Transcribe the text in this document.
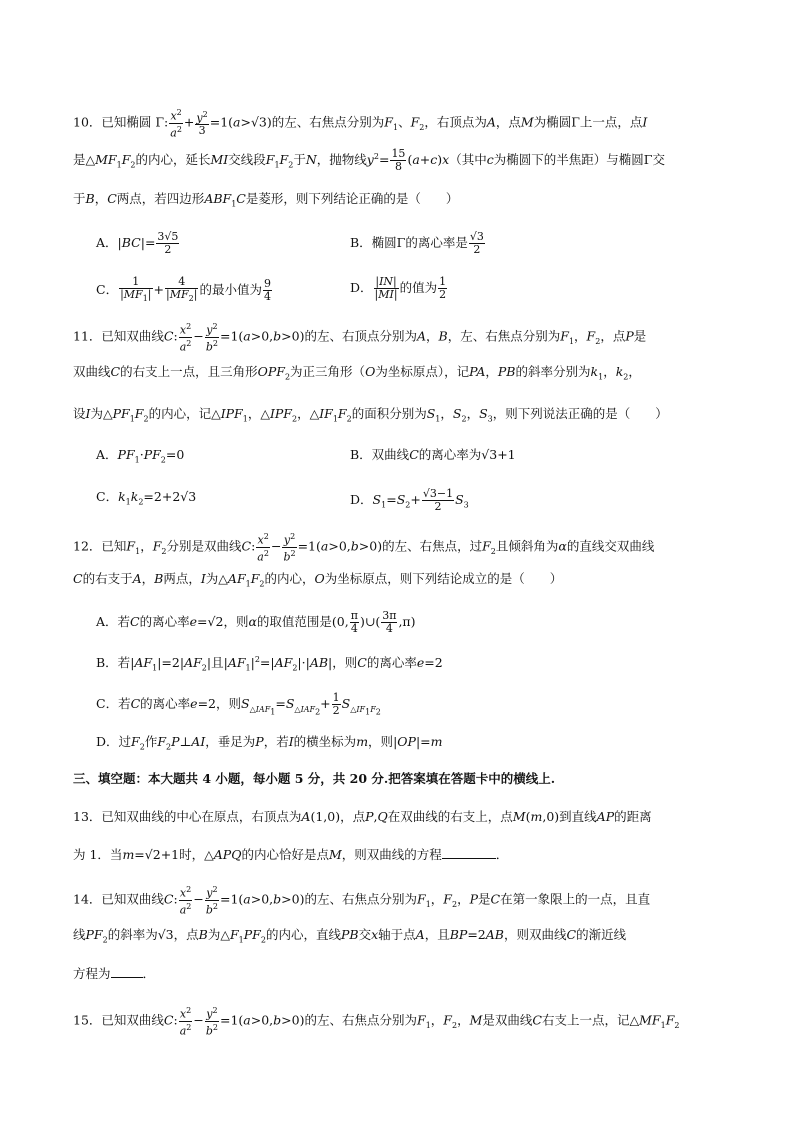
10．已知椭圆 Γ: $\frac{x^2}{a^2} + \frac{y^2}{3} =1(a>√3)$的左、右焦点分别为$F_1$、$F_2$，右顶点为A，点M为椭圆Γ上一点，点I
是$\triangle MF_1F_2$的内心，延长MI交线段$F_1F_2$于N，抛物线$y^2= \frac{15}{8} (a+c)x$（其中c为椭圆下的半焦距）与椭圆Γ交
于B，C两点，若四边形$ABF_1C$是菱形，则下列结论正确的是（　　）
A．$|BC|= \frac{3√5}{2}$	B．椭圆Γ的离心率是 $\frac{√3}{2}$
C． $\frac{1}{|MF_1|} + \frac{4}{|MF_2|}$ 的最小值为 $\frac{9}{4}$	D． $\frac{|IN|}{|MI|}$ 的值为 $\frac{1}{2}$
11．已知双曲线C: $\frac{x^2}{a^2} - \frac{y^2}{b^2} =1(a>0,b>0)$的左、右顶点分别为A，B，左、右焦点分别为$F_1$，$F_2$，点P是
双曲线C的右支上一点，且三角形$OPF_2$为正三角形（O为坐标原点），记PA，PB的斜率分别为$k_1$，$k_2$，
设I为$\triangle PF_1F_2$的内心，记$\triangle IPF_1$，$\triangle IPF_2$，$\triangle IF_1F_2$的面积分别为$S_1$，$S_2$，$S_3$，则下列说法正确的是（　　）
A．$PF_1\cdot PF_2=0$	B．双曲线C的离心率为√3+1
C．$k_1k_2=2+2√3$	D．$S_1=S_2+ \frac{√3-1}{2} S_3$
12．已知$F_1$，$F_2$分别是双曲线C: $\frac{x^2}{a^2} - \frac{y^2}{b^2} =1(a>0,b>0)$的左、右焦点，过$F_2$且倾斜角为α的直线交双曲线
C的右支于A，B两点，I为$\triangle AF_1F_2$的内心，O为坐标原点，则下列结论成立的是（　　）
A．若C的离心率e=√2，则α的取值范围是(0, $\frac{\pi}{4}$ )∪( $\frac{3\pi}{4} ,\pi$)
B．若$|AF_1|=2|AF_2|$且$|AF_1|^2=|AF_2|\cdot|AB|$，则C的离心率e=2
C．若C的离心率e=2，则$S_{\triangle IAF_1}=S_{\triangle IAF_2}+ \frac{1}{2} S_{\triangle IF_1F_2}$
D．过$F_2$作$F_2P\perp AI$，垂足为P，若I的横坐标为m，则|OP|=m
三、填空题：本大题共 4 小题，每小题 5 分，共 20 分.把答案填在答题卡中的横线上.
13．已知双曲线的中心在原点，右顶点为A(1,0)，点P,Q在双曲线的右支上，点M(m,0)到直线AP的距离
为 1．当m=√2+1时，△APQ的内心恰好是点M，则双曲线的方程	．
14．已知双曲线C: $\frac{x^2}{a^2} - \frac{y^2}{b^2} =1(a>0,b>0)$的左、右焦点分别为$F_1$，$F_2$，P是C在第一象限上的一点，且直
线$PF_2$的斜率为√3，点B为$\triangle F_1PF_2$的内心，直线PB交x轴于点A，且BP=2AB，则双曲线C的渐近线
方程为	．
15．已知双曲线C: $\frac{x^2}{a^2} - \frac{y^2}{b^2} =1(a>0,b>0)$的左、右焦点分别为$F_1$，$F_2$，M是双曲线C右支上一点，记$\triangle MF_1F_2$
